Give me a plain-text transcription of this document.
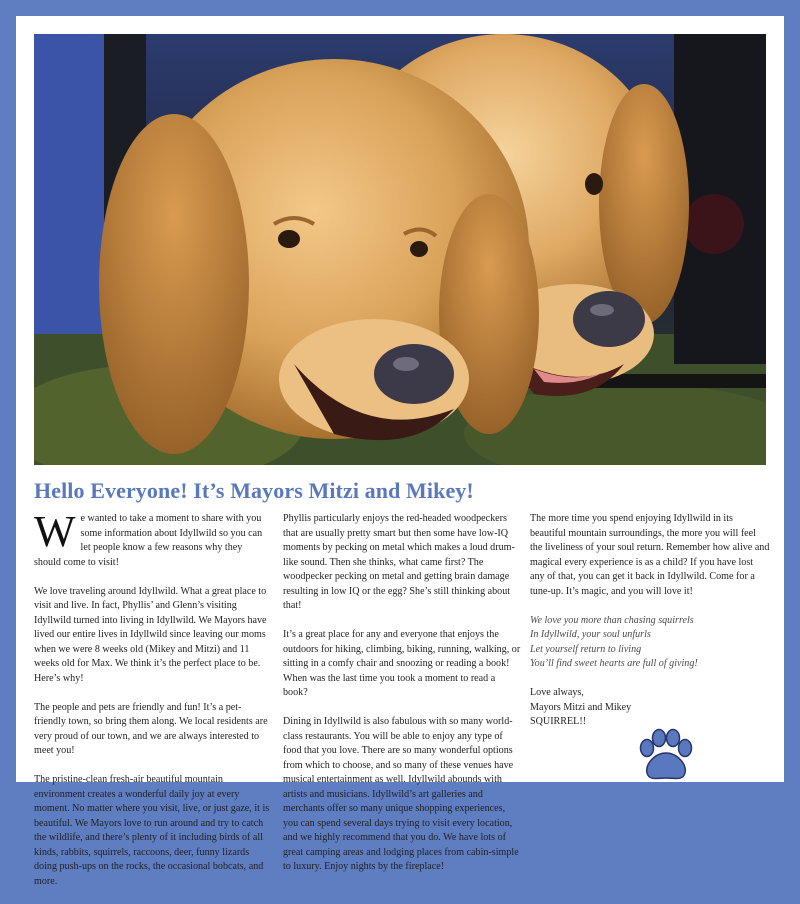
Hello Everyone! It’s Mayors Mitzi and Mikey!

We wanted to take a moment to share with you some information about Idyllwild so you can let people know a few reasons why they should come to visit!

We love traveling around Idyllwild. What a great place to visit and live. In fact, Phyllis’ and Glenn’s visiting Idyllwild turned into living in Idyllwild. We Mayors have lived our entire lives in Idyllwild since leaving our moms when we were 8 weeks old (Mikey and Mitzi) and 11 weeks old for Max. We think it’s the perfect place to be. Here’s why!

The people and pets are friendly and fun! It’s a pet-friendly town, so bring them along. We local residents are very proud of our town, and we are always interested to meet you!

The pristine-clean fresh-air beautiful mountain environment creates a wonderful daily joy at every moment. No matter where you visit, live, or just gaze, it is beautiful. We Mayors love to run around and try to catch the wildlife, and there’s plenty of it including birds of all kinds, rabbits, squirrels, raccoons, deer, funny lizards doing push-ups on the rocks, the occasional bobcats, and more.

Phyllis particularly enjoys the red-headed woodpeckers that are usually pretty smart but then some have low-IQ moments by pecking on metal which makes a loud drum-like sound. Then she thinks, what came first? The woodpecker pecking on metal and getting brain damage resulting in low IQ or the egg? She’s still thinking about that!

It’s a great place for any and everyone that enjoys the outdoors for hiking, climbing, biking, running, walking, or sitting in a comfy chair and snoozing or reading a book! When was the last time you took a moment to read a book?

Dining in Idyllwild is also fabulous with so many world-class restaurants. You will be able to enjoy any type of food that you love. There are so many wonderful options from which to choose, and so many of these venues have musical entertainment as well. Idyllwild abounds with artists and musicians. Idyllwild’s art galleries and merchants offer so many unique shopping experiences, you can spend several days trying to visit every location, and we highly recommend that you do. We have lots of great camping areas and lodging places from cabin-simple to luxury. Enjoy nights by the fireplace!

The more time you spend enjoying Idyllwild in its beautiful mountain surroundings, the more you will feel the liveliness of your soul return. Remember how alive and magical every experience is as a child? If you have lost any of that, you can get it back in Idyllwild. Come for a tune-up. It’s magic, and you will love it!

We love you more than chasing squirrels
In Idyllwild, your soul unfurls
Let yourself return to living
You’ll find sweet hearts are full of giving!
Love always,
Mayors Mitzi and Mikey
SQUIRREL!!
